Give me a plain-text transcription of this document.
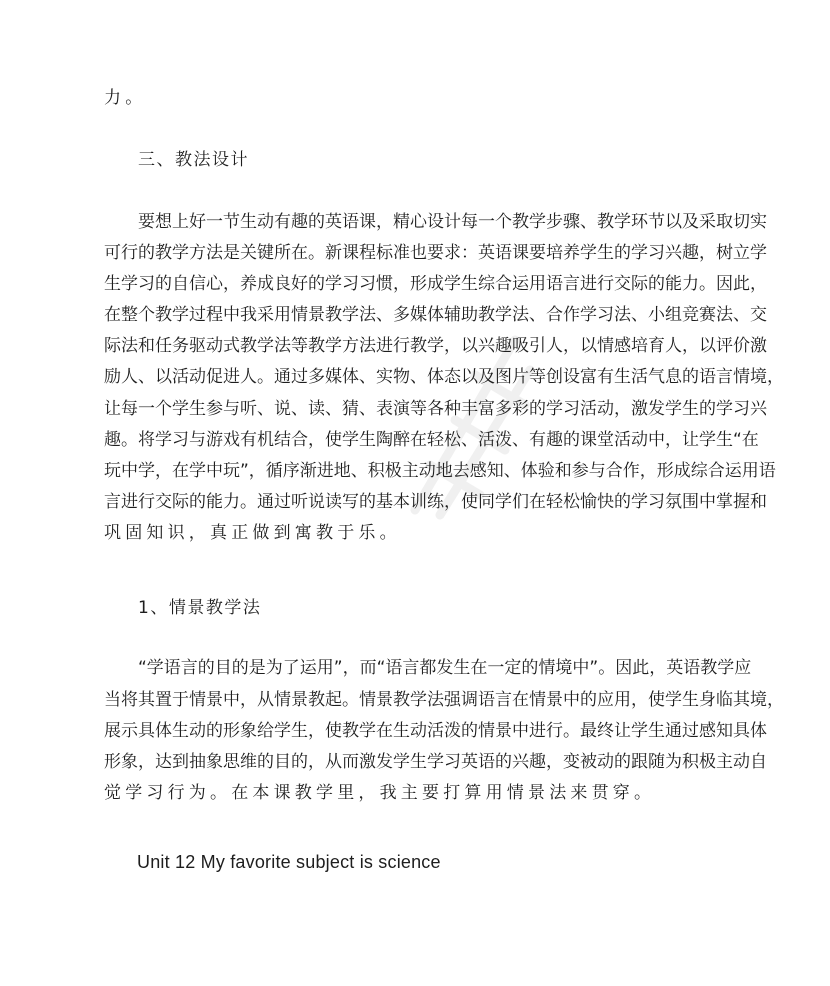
力。
三、教法设计
要想上好一节生动有趣的英语课，精心设计每一个教学步骤、教学环节以及采取切实
可行的教学方法是关键所在。新课程标准也要求：英语课要培养学生的学习兴趣，树立学
生学习的自信心，养成良好的学习习惯，形成学生综合运用语言进行交际的能力。因此，
在整个教学过程中我采用情景教学法、多媒体辅助教学法、合作学习法、小组竞赛法、交
际法和任务驱动式教学法等教学方法进行教学，以兴趣吸引人，以情感培育人，以评价激
励人、以活动促进人。通过多媒体、实物、体态以及图片等创设富有生活气息的语言情境，
让每一个学生参与听、说、读、猜、表演等各种丰富多彩的学习活动，激发学生的学习兴
趣。将学习与游戏有机结合，使学生陶醉在轻松、活泼、有趣的课堂活动中，让学生“在
玩中学，在学中玩”，循序渐进地、积极主动地去感知、体验和参与合作，形成综合运用语
言进行交际的能力。通过听说读写的基本训练，使同学们在轻松愉快的学习氛围中掌握和
巩固知识，真正做到寓教于乐。
1、情景教学法
“学语言的目的是为了运用”，而“语言都发生在一定的情境中”。因此，英语教学应
当将其置于情景中，从情景教起。情景教学法强调语言在情景中的应用，使学生身临其境，
展示具体生动的形象给学生，使教学在生动活泼的情景中进行。最终让学生通过感知具体
形象，达到抽象思维的目的，从而激发学生学习英语的兴趣，变被动的跟随为积极主动自
觉学习行为。在本课教学里，我主要打算用情景法来贯穿。
Unit 12 My favorite subject is science
